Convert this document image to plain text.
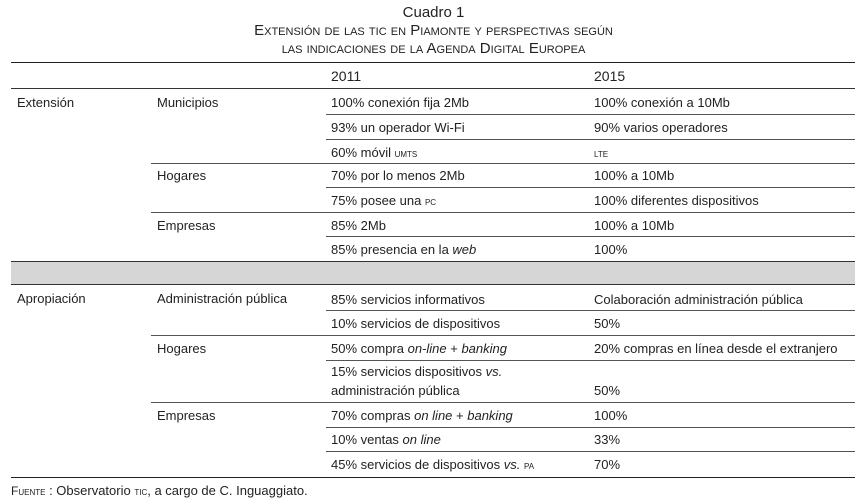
Cuadro 1
Extensión de las tic en Piamonte y perspectivas según
las indicaciones de la Agenda Digital Europea
2011	2015
Extensión	Municipios	100% conexión fija 2Mb	100% conexión a 10Mb
93% un operador Wi-Fi	90% varios operadores
60% móvil umts	lte
Hogares	70% por lo menos 2Mb	100% a 10Mb
75% posee una pc	100% diferentes dispositivos
Empresas	85% 2Mb	100% a 10Mb
85% presencia en la web	100%
Apropiación	Administración pública	85% servicios informativos	Colaboración administración pública
10% servicios de dispositivos	50%
Hogares	50% compra on-line + banking	20% compras en línea desde el extranjero
15% servicios dispositivos vs.
administración pública	50%
Empresas	70% compras on line + banking	100%
10% ventas on line	33%
45% servicios de dispositivos vs. pa	70%
Fuente : Observatorio tic, a cargo de C. Inguaggiato.
